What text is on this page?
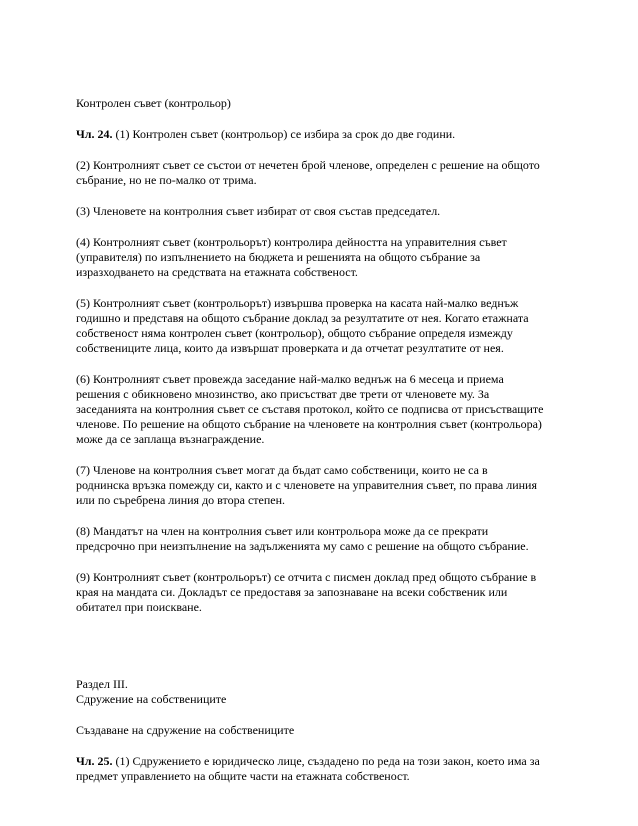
Контролен съвет (контрольор)
Чл. 24. (1) Контролен съвет (контрольор) се избира за срок до две години.
(2) Контролният съвет се състои от нечетен брой членове, определен с решение на общото
събрание, но не по-малко от трима.
(3) Членовете на контролния съвет избират от своя състав председател.
(4) Контролният съвет (контрольорът) контролира дейността на управителния съвет
(управителя) по изпълнението на бюджета и решенията на общото събрание за
изразходването на средствата на етажната собственост.
(5) Контролният съвет (контрольорът) извършва проверка на касата най-малко веднъж
годишно и представя на общото събрание доклад за резултатите от нея. Когато етажната
собственост няма контролен съвет (контрольор), общото събрание определя измежду
собствениците лица, които да извършат проверката и да отчетат резултатите от нея.
(6) Контролният съвет провежда заседание най-малко веднъж на 6 месеца и приема
решения с обикновено мнозинство, ако присъстват две трети от членовете му. За
заседанията на контролния съвет се съставя протокол, който се подписва от присъстващите
членове. По решение на общото събрание на членовете на контролния съвет (контрольора)
може да се заплаща възнаграждение.
(7) Членове на контролния съвет могат да бъдат само собственици, които не са в
роднинска връзка помежду си, както и с членовете на управителния съвет, по права линия
или по съребрена линия до втора степен.
(8) Мандатът на член на контролния съвет или контрольора може да се прекрати
предсрочно при неизпълнение на задълженията му само с решение на общото събрание.
(9) Контролният съвет (контрольорът) се отчита с писмен доклад пред общото събрание в
края на мандата си. Докладът се предоставя за запознаване на всеки собственик или
обитател при поискване.
Раздел III.
Сдружение на собствениците
Създаване на сдружение на собствениците
Чл. 25. (1) Сдружението е юридическо лице, създадено по реда на този закон, което има за
предмет управлението на общите части на етажната собственост.
